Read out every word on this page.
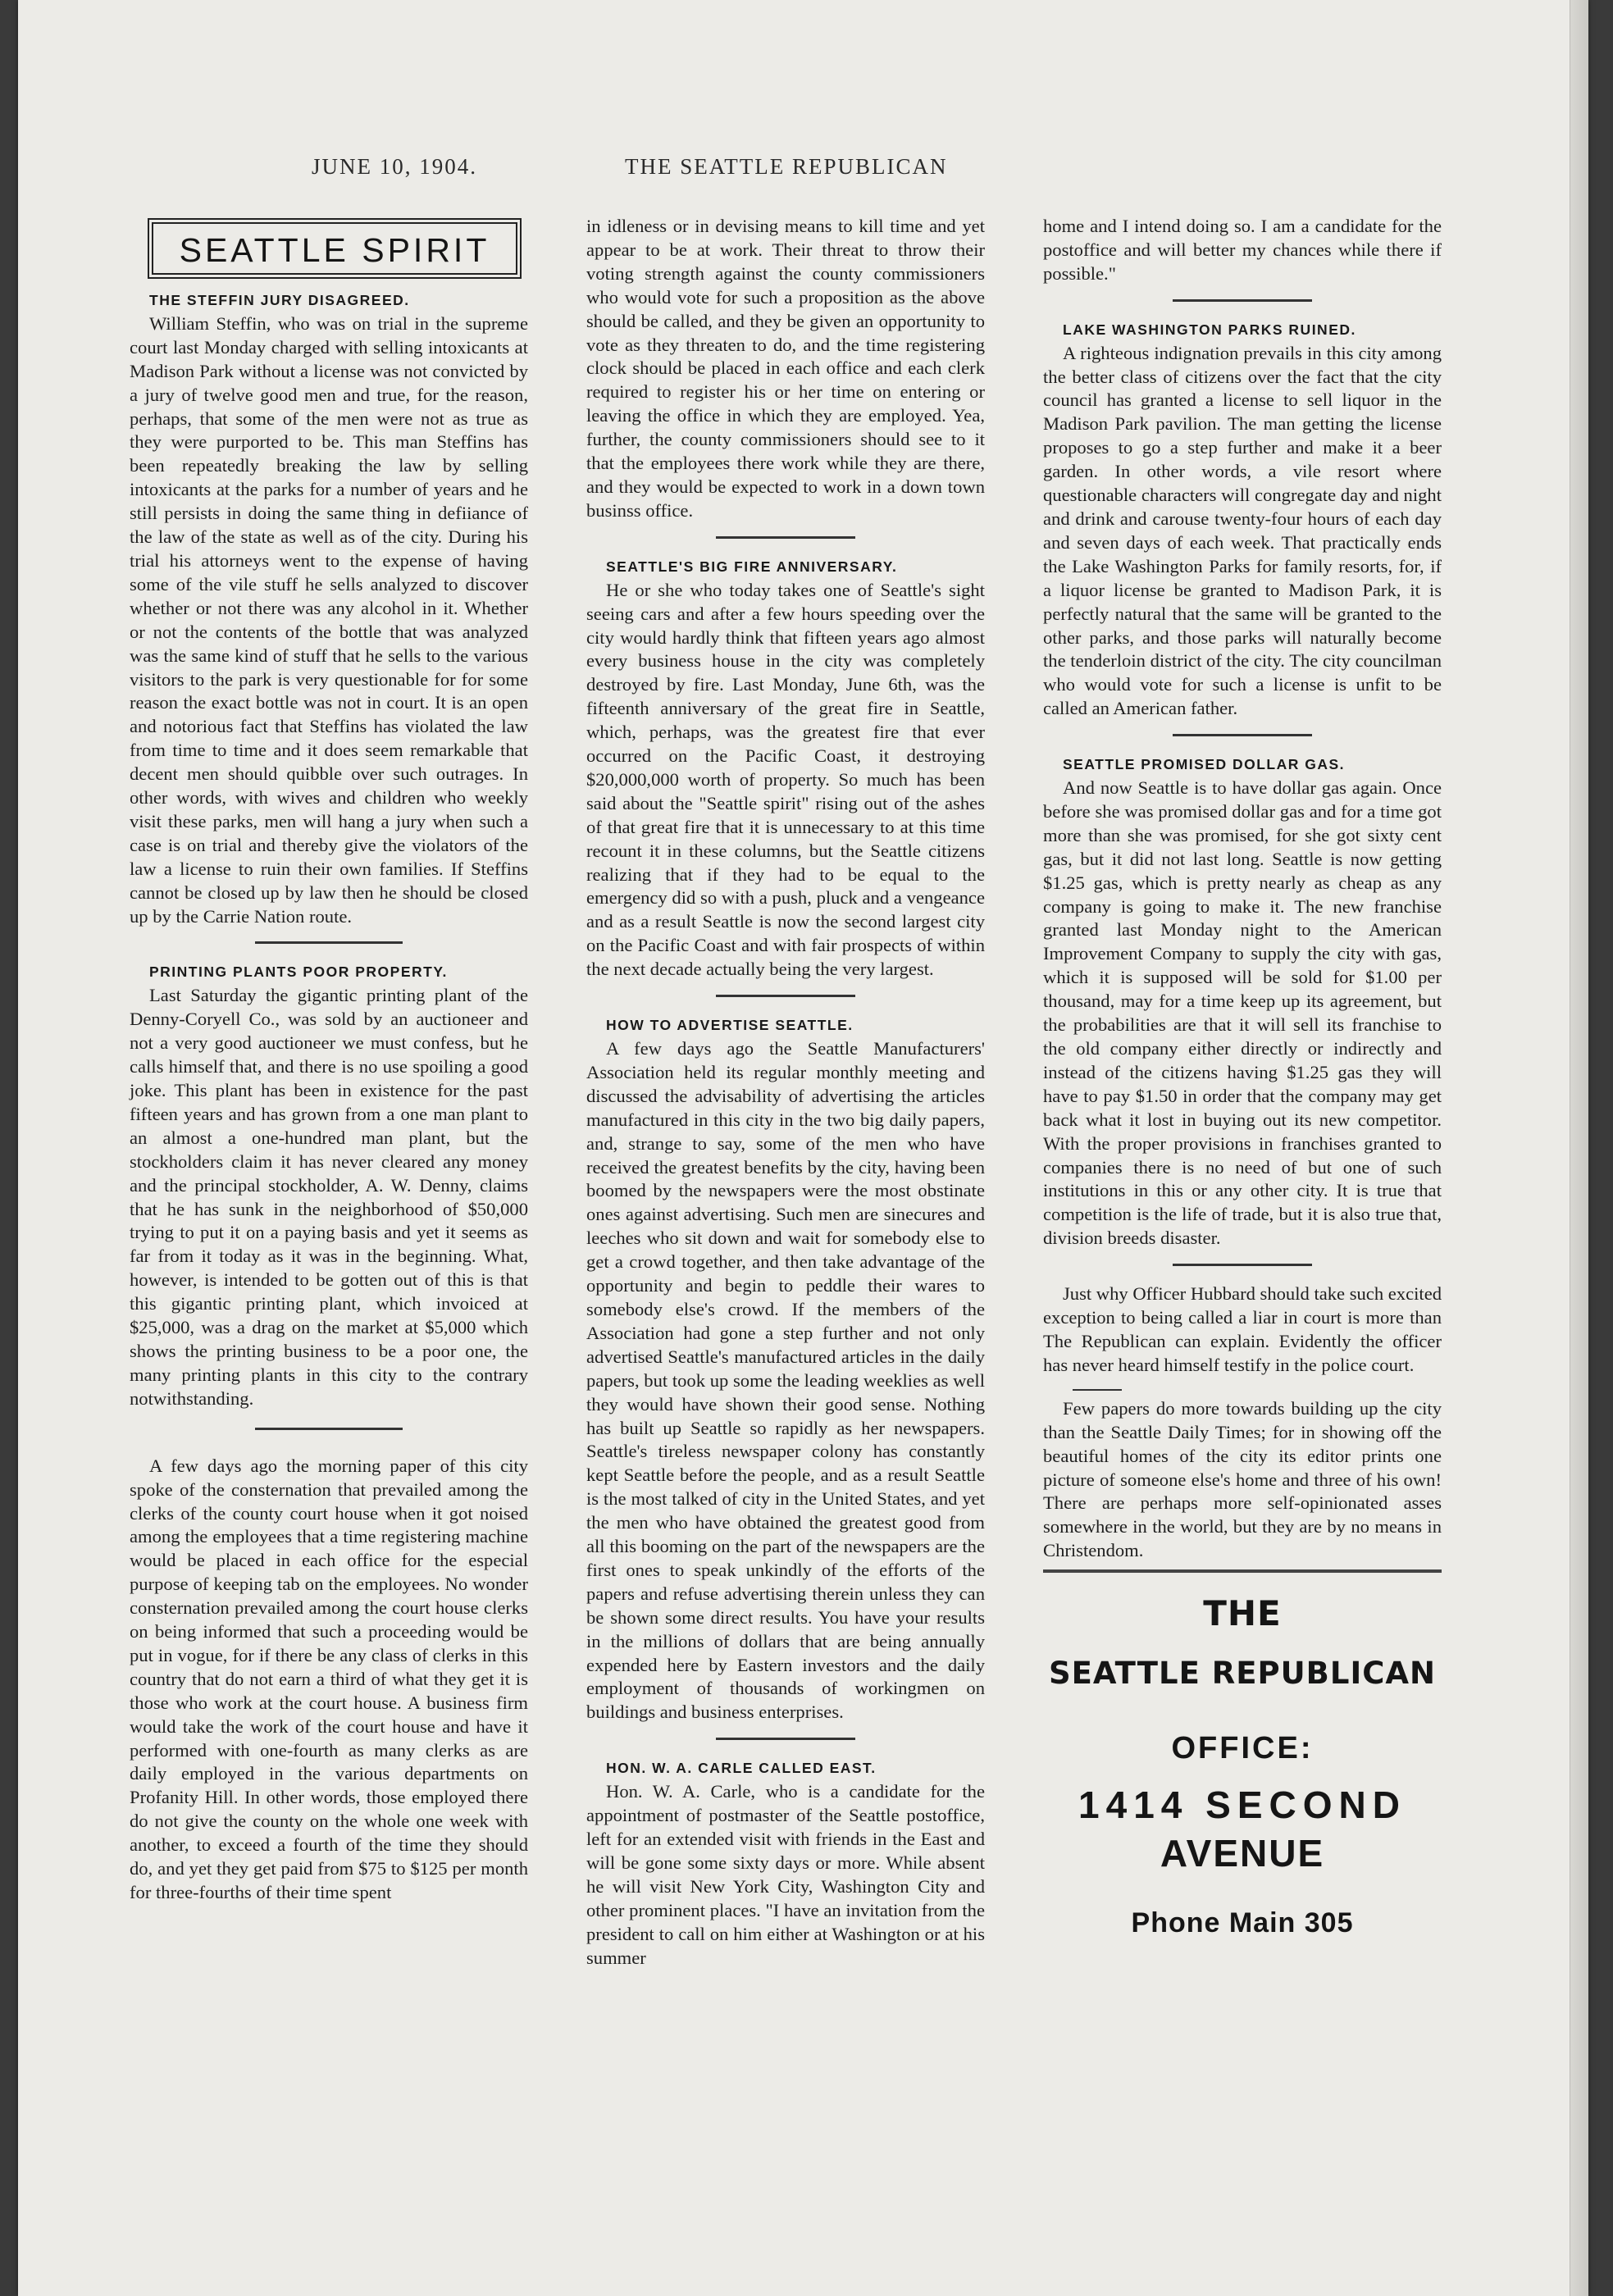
JUNE 10, 1904.	THE SEATTLE REPUBLICAN
SEATTLE SPIRIT

THE STEFFIN JURY DISAGREED.

William Steffin, who was on trial in the supreme court last Monday charged with selling intoxicants at Madison Park without a license was not convicted by a jury of twelve good men and true, for the reason, perhaps, that some of the men were not as true as they were purported to be. This man Steffins has been repeatedly breaking the law by selling intoxicants at the parks for a number of years and he still persists in doing the same thing in defiiance of the law of the state as well as of the city. During his trial his attorneys went to the expense of having some of the vile stuff he sells analyzed to discover whether or not there was any alcohol in it. Whether or not the contents of the bottle that was analyzed was the same kind of stuff that he sells to the various visitors to the park is very questionable for for some reason the exact bottle was not in court. It is an open and notorious fact that Steffins has violated the law from time to time and it does seem remarkable that decent men should quibble over such outrages. In other words, with wives and children who weekly visit these parks, men will hang a jury when such a case is on trial and thereby give the violators of the law a license to ruin their own families. If Steffins cannot be closed up by law then he should be closed up by the Carrie Nation route.

PRINTING PLANTS POOR PROPERTY.

Last Saturday the gigantic printing plant of the Denny-Coryell Co., was sold by an auctioneer and not a very good auctioneer we must confess, but he calls himself that, and there is no use spoiling a good joke. This plant has been in existence for the past fifteen years and has grown from a one man plant to an almost a one-hundred man plant, but the stockholders claim it has never cleared any money and the principal stockholder, A. W. Denny, claims that he has sunk in the neighborhood of $50,000 trying to put it on a paying basis and yet it seems as far from it today as it was in the beginning. What, however, is intended to be gotten out of this is that this gigantic printing plant, which invoiced at $25,000, was a drag on the market at $5,000 which shows the printing business to be a poor one, the many printing plants in this city to the contrary notwithstanding.

A few days ago the morning paper of this city spoke of the consternation that prevailed among the clerks of the county court house when it got noised among the employees that a time registering machine would be placed in each office for the especial purpose of keeping tab on the employees. No wonder consternation prevailed among the court house clerks on being informed that such a proceeding would be put in vogue, for if there be any class of clerks in this country that do not earn a third of what they get it is those who work at the court house. A business firm would take the work of the court house and have it performed with one-fourth as many clerks as are daily employed in the various departments on Profanity Hill. In other words, those employed there do not give the county on the whole one week with another, to exceed a fourth of the time they should do, and yet they get paid from $75 to $125 per month for three-fourths of their time spent

in idleness or in devising means to kill time and yet appear to be at work. Their threat to throw their voting strength against the county commissioners who would vote for such a proposition as the above should be called, and they be given an opportunity to vote as they threaten to do, and the time registering clock should be placed in each office and each clerk required to register his or her time on entering or leaving the office in which they are employed. Yea, further, the county commissioners should see to it that the employees there work while they are there, and they would be expected to work in a down town businss office.

SEATTLE'S BIG FIRE ANNIVERSARY.

He or she who today takes one of Seattle's sight seeing cars and after a few hours speeding over the city would hardly think that fifteen years ago almost every business house in the city was completely destroyed by fire. Last Monday, June 6th, was the fifteenth anniversary of the great fire in Seattle, which, perhaps, was the greatest fire that ever occurred on the Pacific Coast, it destroying $20,000,000 worth of property. So much has been said about the "Seattle spirit" rising out of the ashes of that great fire that it is unnecessary to at this time recount it in these columns, but the Seattle citizens realizing that if they had to be equal to the emergency did so with a push, pluck and a vengeance and as a result Seattle is now the second largest city on the Pacific Coast and with fair prospects of within the next decade actually being the very largest.

HOW TO ADVERTISE SEATTLE.

A few days ago the Seattle Manufacturers' Association held its regular monthly meeting and discussed the advisability of advertising the articles manufactured in this city in the two big daily papers, and, strange to say, some of the men who have received the greatest benefits by the city, having been boomed by the newspapers were the most obstinate ones against advertising. Such men are sinecures and leeches who sit down and wait for somebody else to get a crowd together, and then take advantage of the opportunity and begin to peddle their wares to somebody else's crowd. If the members of the Association had gone a step further and not only advertised Seattle's manufactured articles in the daily papers, but took up some the leading weeklies as well they would have shown their good sense. Nothing has built up Seattle so rapidly as her newspapers. Seattle's tireless newspaper colony has constantly kept Seattle before the people, and as a result Seattle is the most talked of city in the United States, and yet the men who have obtained the greatest good from all this booming on the part of the newspapers are the first ones to speak unkindly of the efforts of the papers and refuse advertising therein unless they can be shown some direct results. You have your results in the millions of dollars that are being annually expended here by Eastern investors and the daily employment of thousands of workingmen on buildings and business enterprises.

HON. W. A. CARLE CALLED EAST.

Hon. W. A. Carle, who is a candidate for the appointment of postmaster of the Seattle postoffice, left for an extended visit with friends in the East and will be gone some sixty days or more. While absent he will visit New York City, Washington City and other prominent places. "I have an invitation from the president to call on him either at Washington or at his summer

home and I intend doing so. I am a candidate for the postoffice and will better my chances while there if possible."

LAKE WASHINGTON PARKS RUINED.

A righteous indignation prevails in this city among the better class of citizens over the fact that the city council has granted a license to sell liquor in the Madison Park pavilion. The man getting the license proposes to go a step further and make it a beer garden. In other words, a vile resort where questionable characters will congregate day and night and drink and carouse twenty-four hours of each day and seven days of each week. That practically ends the Lake Washington Parks for family resorts, for, if a liquor license be granted to Madison Park, it is perfectly natural that the same will be granted to the other parks, and those parks will naturally become the tenderloin district of the city. The city councilman who would vote for such a license is unfit to be called an American father.

SEATTLE PROMISED DOLLAR GAS.

And now Seattle is to have dollar gas again. Once before she was promised dollar gas and for a time got more than she was promised, for she got sixty cent gas, but it did not last long. Seattle is now getting $1.25 gas, which is pretty nearly as cheap as any company is going to make it. The new franchise granted last Monday night to the American Improvement Company to supply the city with gas, which it is supposed will be sold for $1.00 per thousand, may for a time keep up its agreement, but the probabilities are that it will sell its franchise to the old company either directly or indirectly and instead of the citizens having $1.25 gas they will have to pay $1.50 in order that the company may get back what it lost in buying out its new competitor. With the proper provisions in franchises granted to companies there is no need of but one of such institutions in this or any other city. It is true that competition is the life of trade, but it is also true that, division breeds disaster.

Just why Officer Hubbard should take such excited exception to being called a liar in court is more than The Republican can explain. Evidently the officer has never heard himself testify in the police court.

Few papers do more towards building up the city than the Seattle Daily Times; for in showing off the beautiful homes of the city its editor prints one picture of someone else's home and three of his own! There are perhaps more self-opinionated asses somewhere in the world, but they are by no means in Christendom.

THE
SEATTLE REPUBLICAN
OFFICE:
1414 SECOND
AVENUE
Phone Main 305
